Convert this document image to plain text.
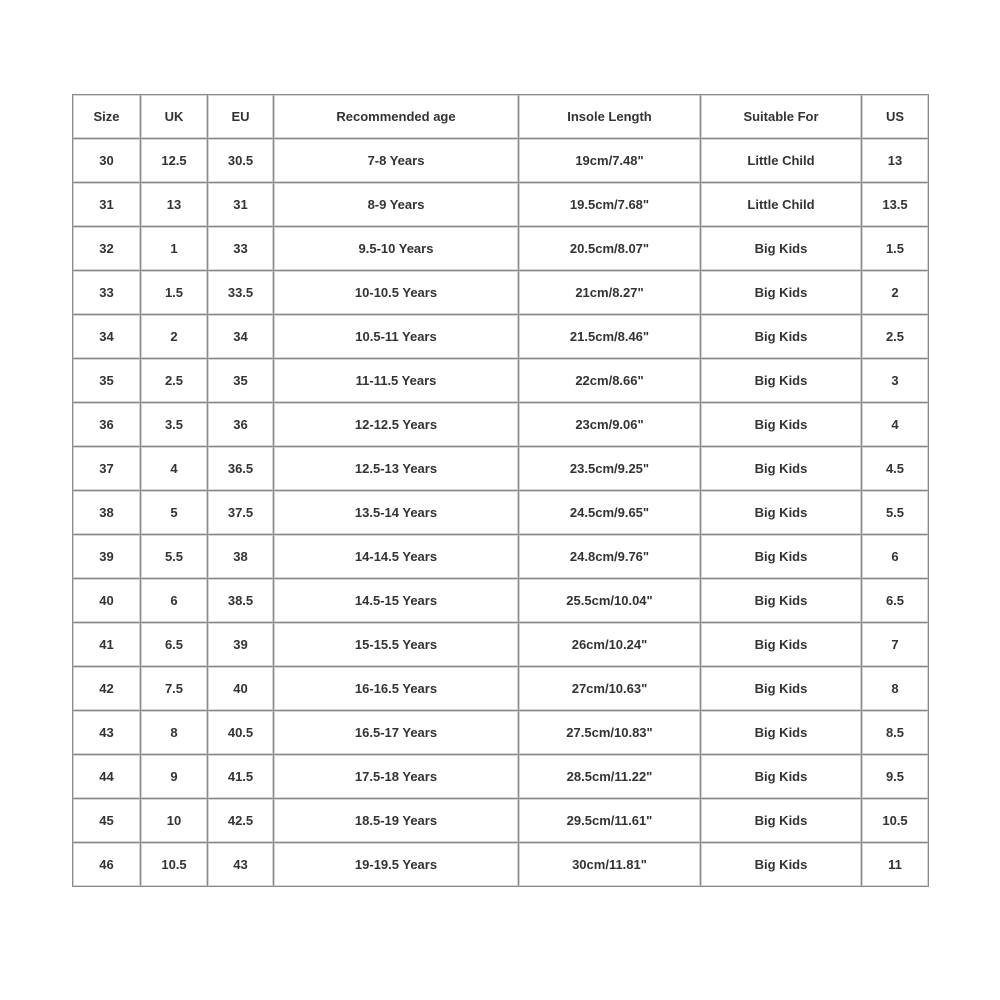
Size	UK	EU	Recommended age	Insole Length	Suitable For	US
30	12.5	30.5	7-8 Years	19cm/7.48"	Little Child	13
31	13	31	8-9 Years	19.5cm/7.68"	Little Child	13.5
32	1	33	9.5-10 Years	20.5cm/8.07"	Big Kids	1.5
33	1.5	33.5	10-10.5 Years	21cm/8.27"	Big Kids	2
34	2	34	10.5-11 Years	21.5cm/8.46"	Big Kids	2.5
35	2.5	35	11-11.5 Years	22cm/8.66"	Big Kids	3
36	3.5	36	12-12.5 Years	23cm/9.06"	Big Kids	4
37	4	36.5	12.5-13 Years	23.5cm/9.25"	Big Kids	4.5
38	5	37.5	13.5-14 Years	24.5cm/9.65"	Big Kids	5.5
39	5.5	38	14-14.5 Years	24.8cm/9.76"	Big Kids	6
40	6	38.5	14.5-15 Years	25.5cm/10.04"	Big Kids	6.5
41	6.5	39	15-15.5 Years	26cm/10.24"	Big Kids	7
42	7.5	40	16-16.5 Years	27cm/10.63"	Big Kids	8
43	8	40.5	16.5-17 Years	27.5cm/10.83"	Big Kids	8.5
44	9	41.5	17.5-18 Years	28.5cm/11.22"	Big Kids	9.5
45	10	42.5	18.5-19 Years	29.5cm/11.61"	Big Kids	10.5
46	10.5	43	19-19.5 Years	30cm/11.81"	Big Kids	11
